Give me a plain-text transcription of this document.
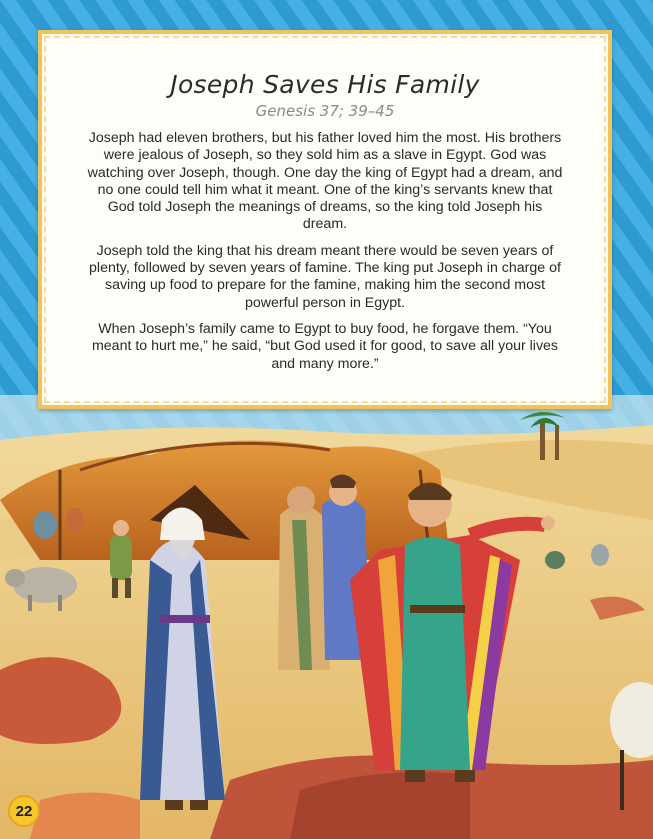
Joseph Saves His Family
Genesis 37; 39–45

Joseph had eleven brothers, but his father loved him the most. His brothers were jealous of Joseph, so they sold him as a slave in Egypt. God was watching over Joseph, though. One day the king of Egypt had a dream, and no one could tell him what it meant. One of the king’s servants knew that God told Joseph the meanings of dreams, so the king told Joseph his dream.

Joseph told the king that his dream meant there would be seven years of plenty, followed by seven years of famine. The king put Joseph in charge of saving up food to prepare for the famine, making him the second most powerful person in Egypt.

When Joseph’s family came to Egypt to buy food, he forgave them. “You meant to hurt me,” he said, “but God used it for good, to save all your lives and many more.”

22
